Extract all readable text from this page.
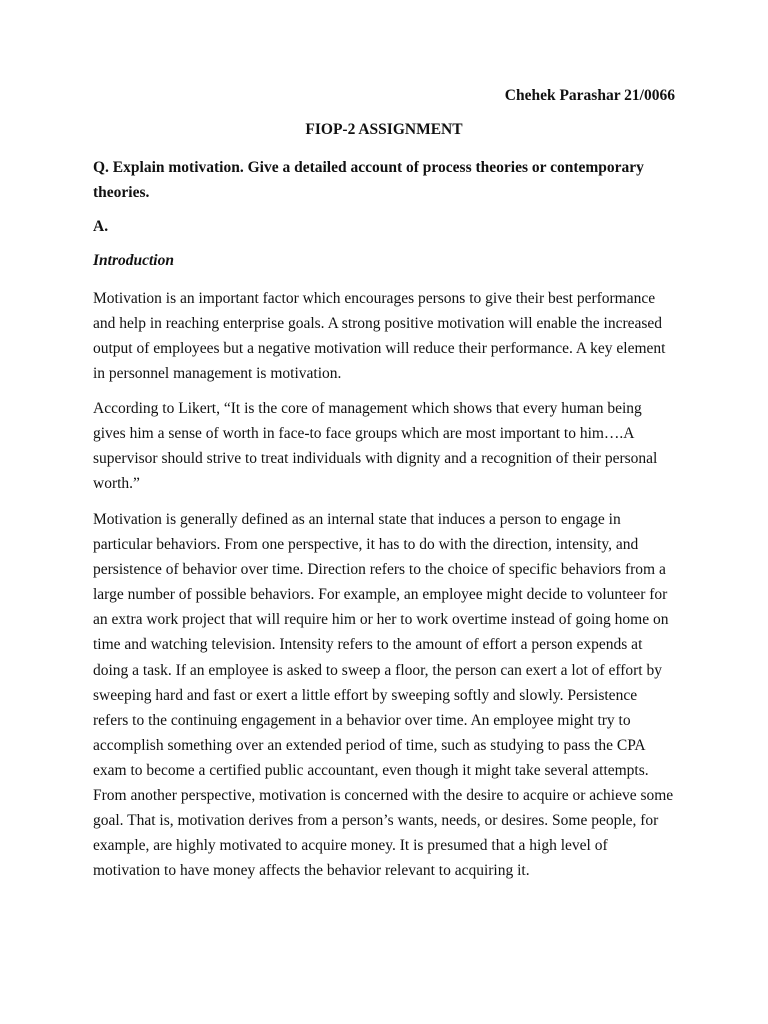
Chehek Parashar 21/0066
FIOP-2 ASSIGNMENT
Q. Explain motivation. Give a detailed account of process theories or contemporary theories.
A.
Introduction
Motivation is an important factor which encourages persons to give their best performance
and help in reaching enterprise goals. A strong positive motivation will enable the increased
output of employees but a negative motivation will reduce their performance. A key element
in personnel management is motivation.
According to Likert, “It is the core of management which shows that every human being
gives him a sense of worth in face-to face groups which are most important to him….A
supervisor should strive to treat individuals with dignity and a recognition of their personal
worth.”
Motivation is generally defined as an internal state that induces a person to engage in
particular behaviors. From one perspective, it has to do with the direction, intensity, and
persistence of behavior over time. Direction refers to the choice of specific behaviors from a
large number of possible behaviors. For example, an employee might decide to volunteer for
an extra work project that will require him or her to work overtime instead of going home on
time and watching television. Intensity refers to the amount of effort a person expends at
doing a task. If an employee is asked to sweep a floor, the person can exert a lot of effort by
sweeping hard and fast or exert a little effort by sweeping softly and slowly. Persistence
refers to the continuing engagement in a behavior over time. An employee might try to
accomplish something over an extended period of time, such as studying to pass the CPA
exam to become a certified public accountant, even though it might take several attempts.
From another perspective, motivation is concerned with the desire to acquire or achieve some
goal. That is, motivation derives from a person’s wants, needs, or desires. Some people, for
example, are highly motivated to acquire money. It is presumed that a high level of
motivation to have money affects the behavior relevant to acquiring it.
